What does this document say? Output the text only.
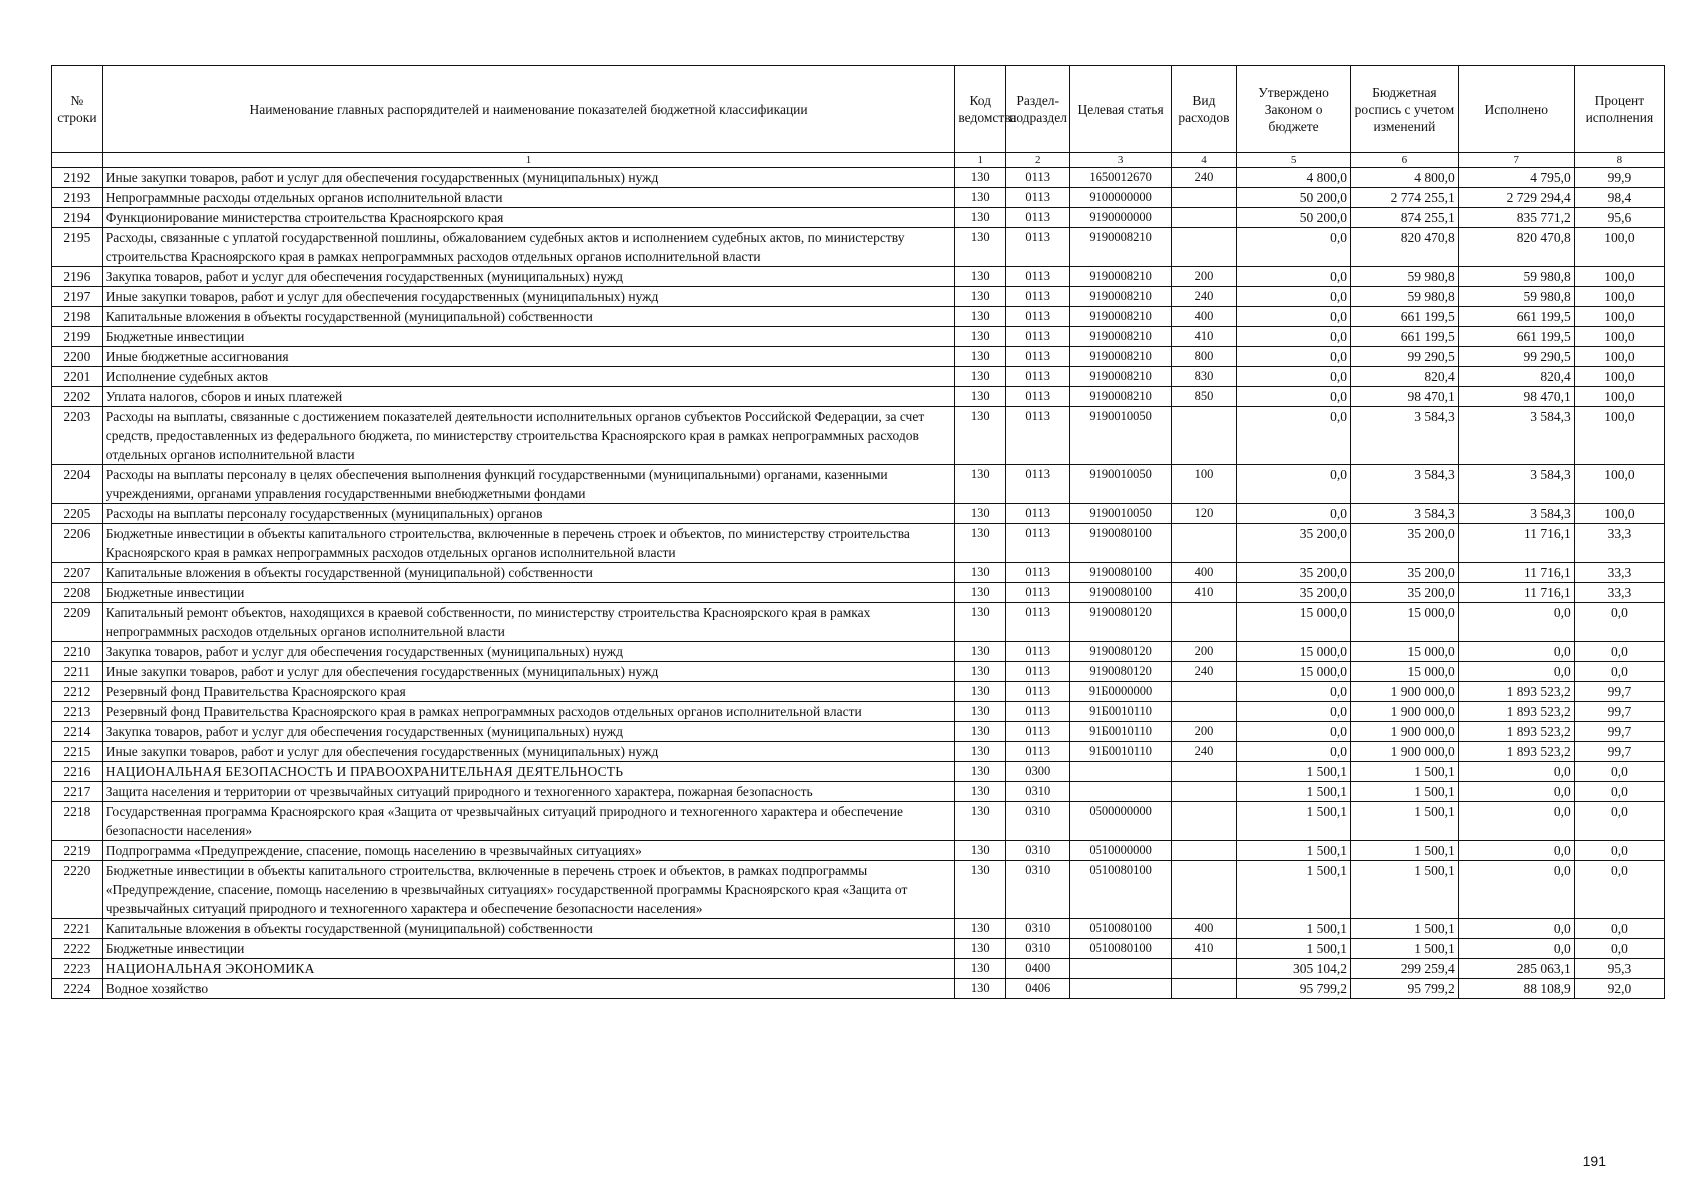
№ строки	Наименование главных распорядителей и наименование показателей бюджетной классификации	Код ведомства	Раздел-подраздел	Целевая статья	Вид расходов	Утверждено Законом о бюджете	Бюджетная роспись с учетом изменений	Исполнено	Процент исполнения
	1	1	2	3	4	5	6	7	8
2192	Иные закупки товаров, работ и услуг для обеспечения государственных (муниципальных) нужд	130	0113	1650012670	240	4 800,0	4 800,0	4 795,0	99,9
2193	Непрограммные расходы отдельных органов исполнительной власти	130	0113	9100000000		50 200,0	2 774 255,1	2 729 294,4	98,4
2194	Функционирование министерства строительства Красноярского края	130	0113	9190000000		50 200,0	874 255,1	835 771,2	95,6
2195	Расходы, связанные с уплатой государственной пошлины, обжалованием судебных актов и исполнением судебных актов, по министерству строительства Красноярского края в рамках непрограммных расходов отдельных органов исполнительной власти	130	0113	9190008210		0,0	820 470,8	820 470,8	100,0
2196	Закупка товаров, работ и услуг для обеспечения государственных (муниципальных) нужд	130	0113	9190008210	200	0,0	59 980,8	59 980,8	100,0
2197	Иные закупки товаров, работ и услуг для обеспечения государственных (муниципальных) нужд	130	0113	9190008210	240	0,0	59 980,8	59 980,8	100,0
2198	Капитальные вложения в объекты государственной (муниципальной) собственности	130	0113	9190008210	400	0,0	661 199,5	661 199,5	100,0
2199	Бюджетные инвестиции	130	0113	9190008210	410	0,0	661 199,5	661 199,5	100,0
2200	Иные бюджетные ассигнования	130	0113	9190008210	800	0,0	99 290,5	99 290,5	100,0
2201	Исполнение судебных актов	130	0113	9190008210	830	0,0	820,4	820,4	100,0
2202	Уплата налогов, сборов и иных платежей	130	0113	9190008210	850	0,0	98 470,1	98 470,1	100,0
2203	Расходы на выплаты, связанные с достижением показателей деятельности исполнительных органов субъектов Российской Федерации, за счет средств, предоставленных из федерального бюджета, по министерству строительства Красноярского края в рамках непрограммных расходов отдельных органов исполнительной власти	130	0113	9190010050		0,0	3 584,3	3 584,3	100,0
2204	Расходы на выплаты персоналу в целях обеспечения выполнения функций государственными (муниципальными) органами, казенными учреждениями, органами управления государственными внебюджетными фондами	130	0113	9190010050	100	0,0	3 584,3	3 584,3	100,0
2205	Расходы на выплаты персоналу государственных (муниципальных) органов	130	0113	9190010050	120	0,0	3 584,3	3 584,3	100,0
2206	Бюджетные инвестиции в объекты капитального строительства, включенные в перечень строек и объектов, по министерству строительства Красноярского края в рамках непрограммных расходов отдельных органов исполнительной власти	130	0113	9190080100		35 200,0	35 200,0	11 716,1	33,3
2207	Капитальные вложения в объекты государственной (муниципальной) собственности	130	0113	9190080100	400	35 200,0	35 200,0	11 716,1	33,3
2208	Бюджетные инвестиции	130	0113	9190080100	410	35 200,0	35 200,0	11 716,1	33,3
2209	Капитальный ремонт объектов, находящихся в краевой собственности, по министерству строительства Красноярского края в рамках непрограммных расходов отдельных органов исполнительной власти	130	0113	9190080120		15 000,0	15 000,0	0,0	0,0
2210	Закупка товаров, работ и услуг для обеспечения государственных (муниципальных) нужд	130	0113	9190080120	200	15 000,0	15 000,0	0,0	0,0
2211	Иные закупки товаров, работ и услуг для обеспечения государственных (муниципальных) нужд	130	0113	9190080120	240	15 000,0	15 000,0	0,0	0,0
2212	Резервный фонд Правительства Красноярского края	130	0113	91Б0000000		0,0	1 900 000,0	1 893 523,2	99,7
2213	Резервный фонд Правительства Красноярского края в рамках непрограммных расходов отдельных органов исполнительной власти	130	0113	91Б0010110		0,0	1 900 000,0	1 893 523,2	99,7
2214	Закупка товаров, работ и услуг для обеспечения государственных (муниципальных) нужд	130	0113	91Б0010110	200	0,0	1 900 000,0	1 893 523,2	99,7
2215	Иные закупки товаров, работ и услуг для обеспечения государственных (муниципальных) нужд	130	0113	91Б0010110	240	0,0	1 900 000,0	1 893 523,2	99,7
2216	НАЦИОНАЛЬНАЯ БЕЗОПАСНОСТЬ И ПРАВООХРАНИТЕЛЬНАЯ ДЕЯТЕЛЬНОСТЬ	130	0300			1 500,1	1 500,1	0,0	0,0
2217	Защита населения и территории от чрезвычайных ситуаций природного и техногенного характера, пожарная безопасность	130	0310			1 500,1	1 500,1	0,0	0,0
2218	Государственная программа Красноярского края «Защита от чрезвычайных ситуаций природного и техногенного характера и обеспечение безопасности населения»	130	0310	0500000000		1 500,1	1 500,1	0,0	0,0
2219	Подпрограмма «Предупреждение, спасение, помощь населению в чрезвычайных ситуациях»	130	0310	0510000000		1 500,1	1 500,1	0,0	0,0
2220	Бюджетные инвестиции в объекты капитального строительства, включенные в перечень строек и объектов, в рамках подпрограммы «Предупреждение, спасение, помощь населению в чрезвычайных ситуациях» государственной программы Красноярского края «Защита от чрезвычайных ситуаций природного и техногенного характера и обеспечение безопасности населения»	130	0310	0510080100		1 500,1	1 500,1	0,0	0,0
2221	Капитальные вложения в объекты государственной (муниципальной) собственности	130	0310	0510080100	400	1 500,1	1 500,1	0,0	0,0
2222	Бюджетные инвестиции	130	0310	0510080100	410	1 500,1	1 500,1	0,0	0,0
2223	НАЦИОНАЛЬНАЯ ЭКОНОМИКА	130	0400			305 104,2	299 259,4	285 063,1	95,3
2224	Водное хозяйство	130	0406			95 799,2	95 799,2	88 108,9	92,0
191
